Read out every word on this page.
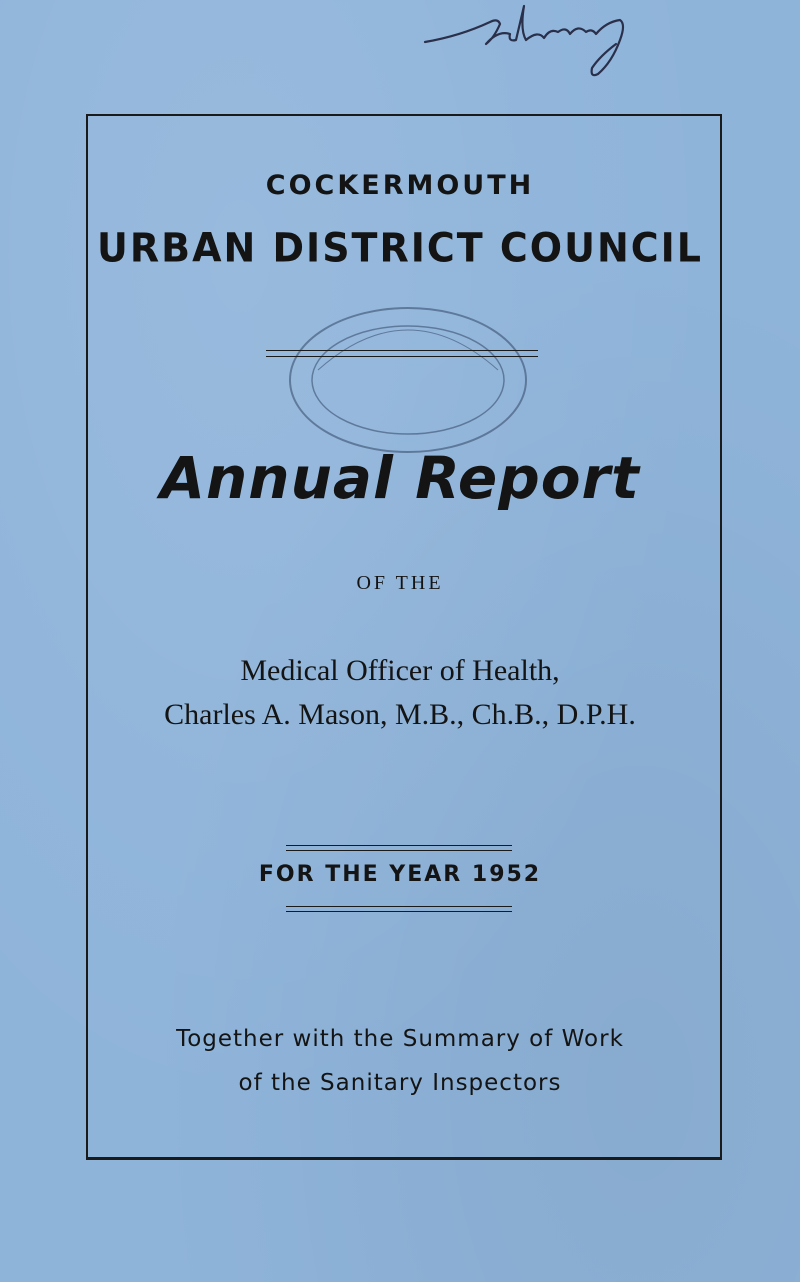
COCKERMOUTH
URBAN DISTRICT COUNCIL
Annual Report
OF THE
Medical Officer of Health,
Charles A. Mason, M.B., Ch.B., D.P.H.
FOR THE YEAR 1952
Together with the Summary of Work
of the Sanitary Inspectors
